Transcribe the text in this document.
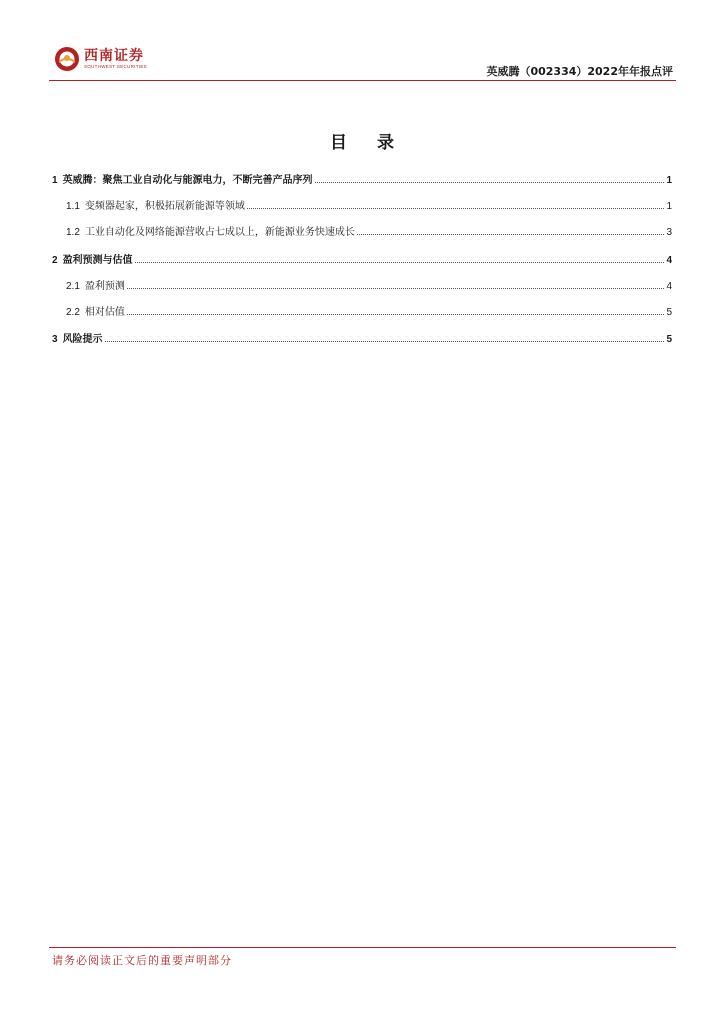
西南证券
SOUTHWEST SECURITIES	英威腾（002334）2022年年报点评
目 录
1 英威腾：聚焦工业自动化与能源电力，不断完善产品序列	1
1.1 变频器起家，积极拓展新能源等领域	1
1.2 工业自动化及网络能源营收占七成以上，新能源业务快速成长	3
2 盈利预测与估值	4
2.1 盈利预测	4
2.2 相对估值	5
3 风险提示	5
请务必阅读正文后的重要声明部分
